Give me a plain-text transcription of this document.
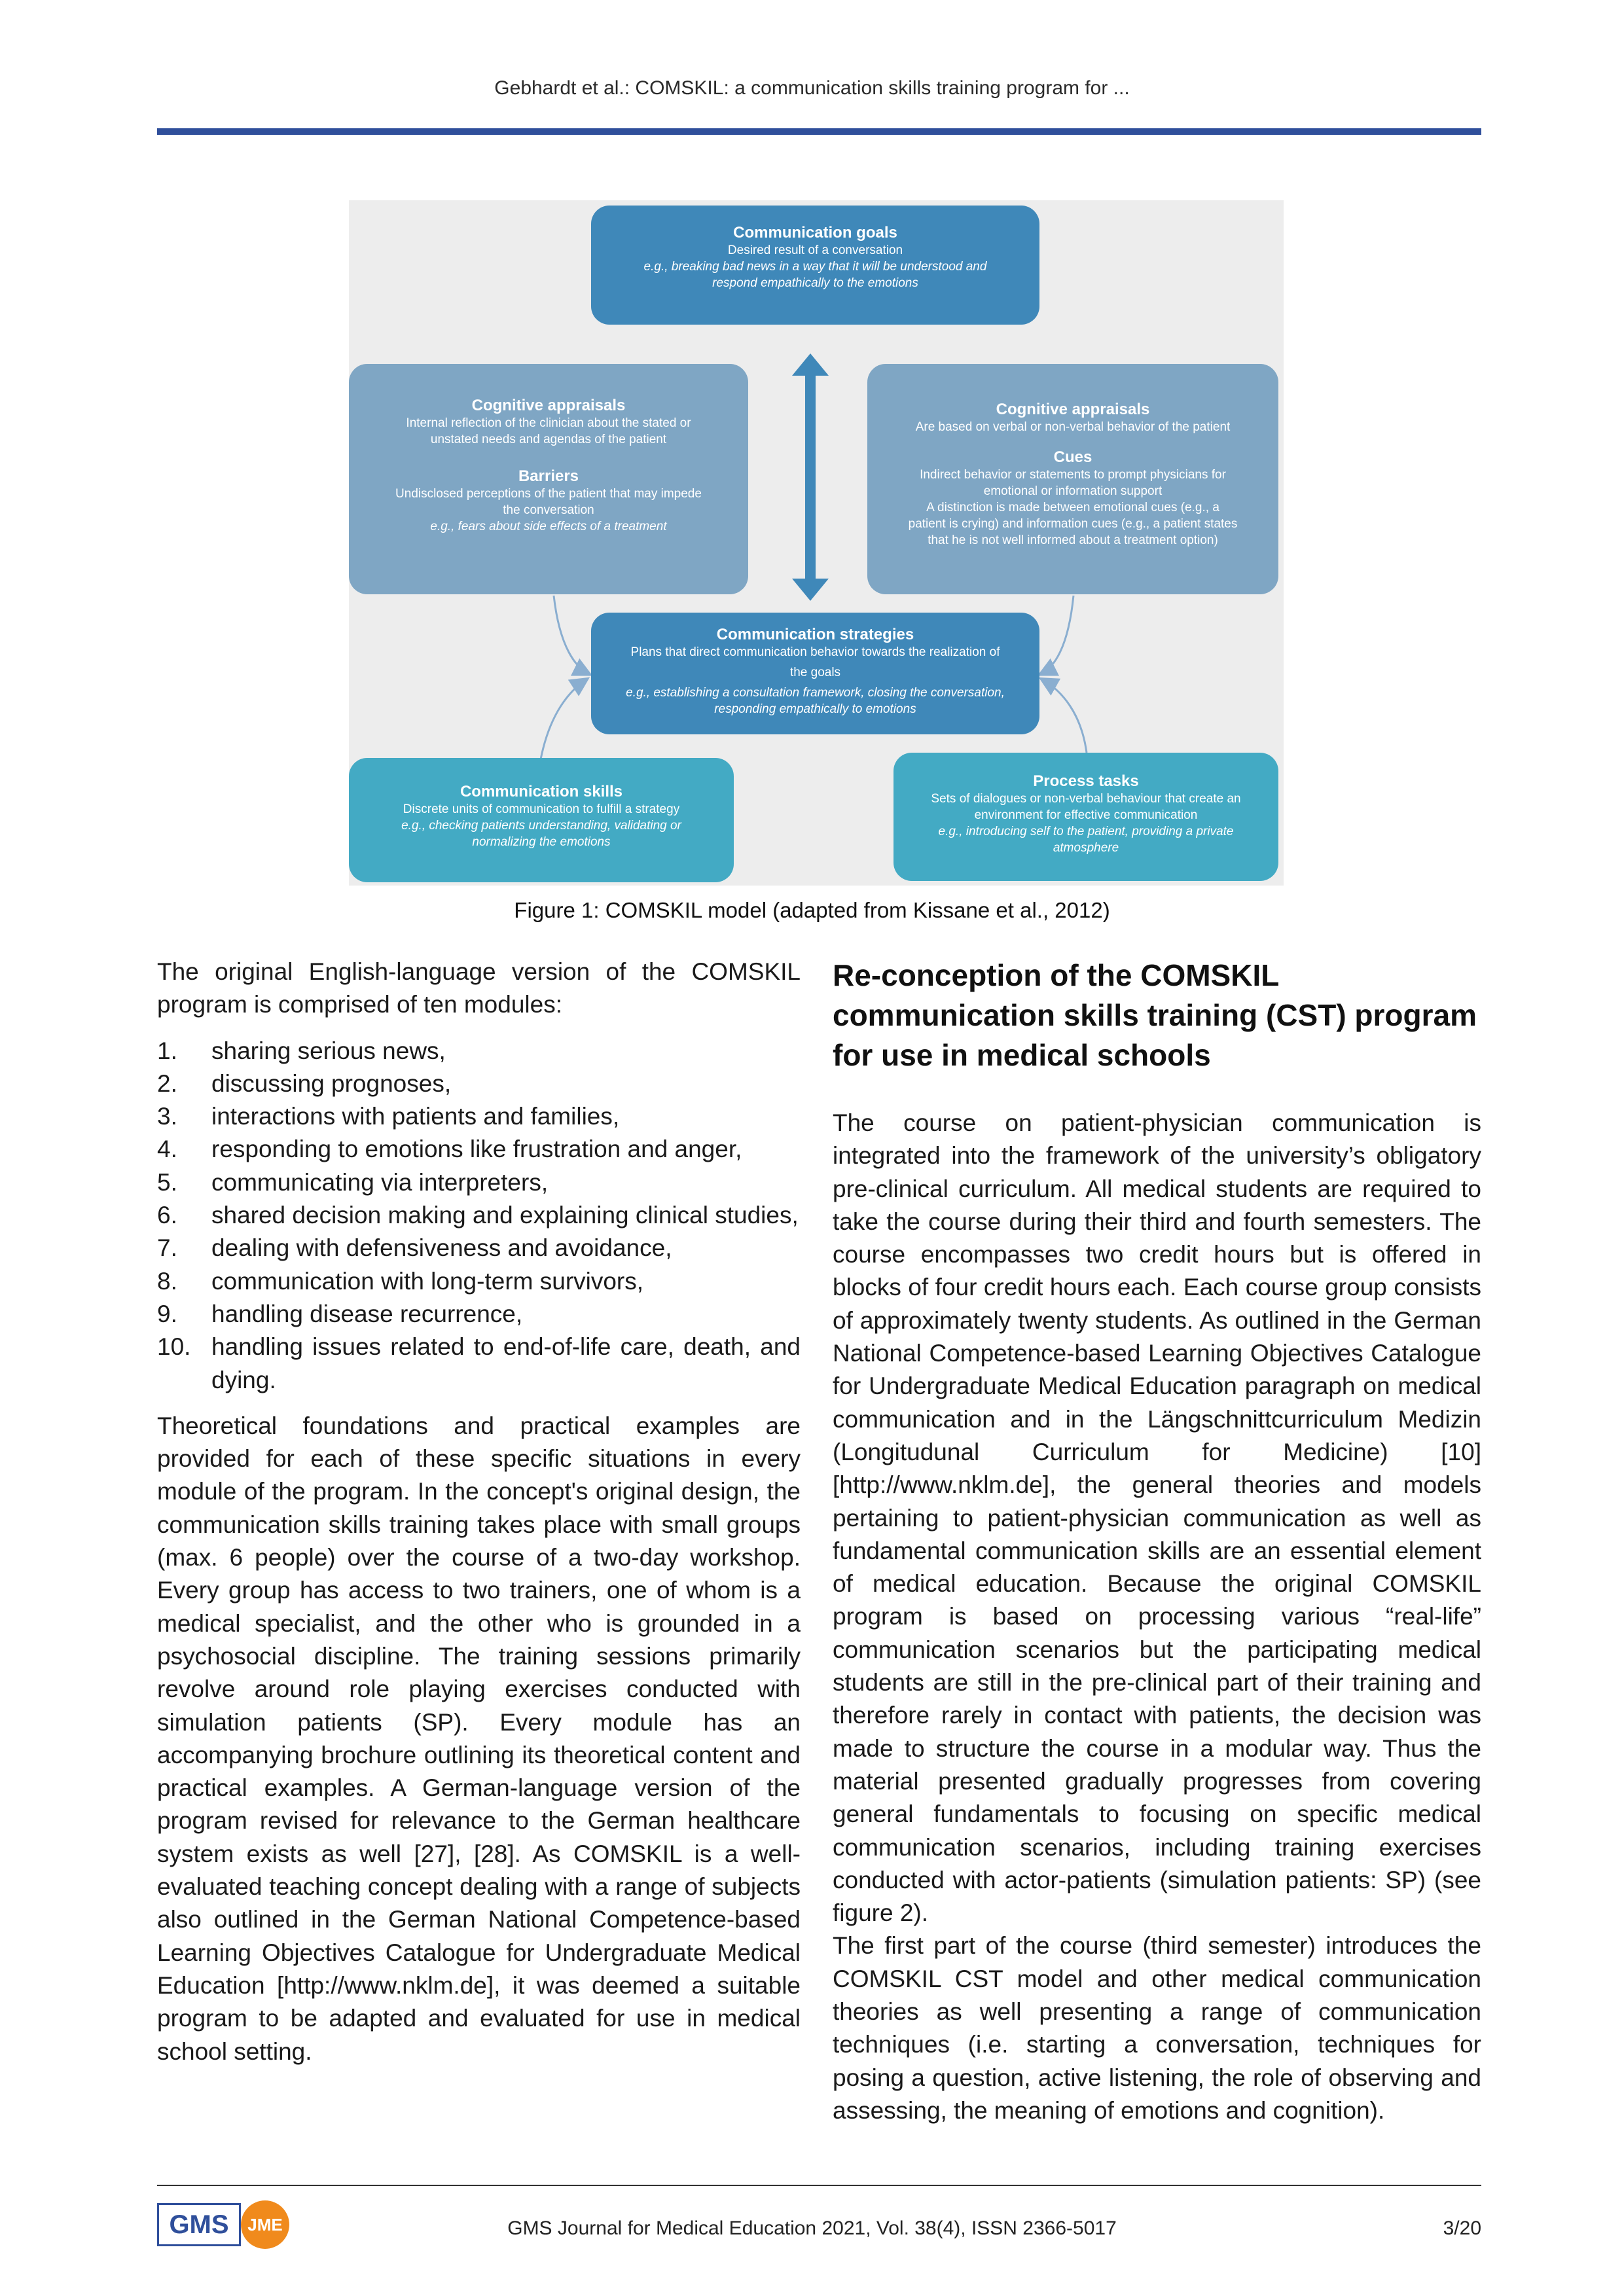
Gebhardt et al.: COMSKIL: a communication skills training program for ...
Communication goals
Desired result of a conversation
e.g., breaking bad news in a way that it will be understood and
respond empathically to the emotions
Cognitive appraisals
Internal reflection of the clinician about the stated or
unstated needs and agendas of the patient
Barriers
Undisclosed perceptions of the patient that may impede
the conversation
e.g., fears about side effects of a treatment
Cognitive appraisals
Are based on verbal or non-verbal behavior of the patient
Cues
Indirect behavior or statements to prompt physicians for
emotional or information support
A distinction is made between emotional cues (e.g., a
patient is crying) and information cues (e.g., a patient states
that he is not well informed about a treatment option)
Communication strategies
Plans that direct communication behavior towards the realization of
the goals
e.g., establishing a consultation framework, closing the conversation,
responding empathically to emotions
Communication skills
Discrete units of communication to fulfill a strategy
e.g., checking patients understanding, validating or
normalizing the emotions
Process tasks
Sets of dialogues or non-verbal behaviour that create an
environment for effective communication
e.g., introducing self to the patient, providing a private
atmosphere
Figure 1: COMSKIL model (adapted from Kissane et al., 2012)

The original English-language version of the COMSKIL program is comprised of ten modules:

1.	sharing serious news,
2.	discussing prognoses,
3.	interactions with patients and families,
4.	responding to emotions like frustration and anger,
5.	communicating via interpreters,
6.	shared decision making and explaining clinical studies,
7.	dealing with defensiveness and avoidance,
8.	communication with long-term survivors,
9.	handling disease recurrence,
10. handling issues related to end-of-life care, death, and dying.

Theoretical foundations and practical examples are provided for each of these specific situations in every module of the program. In the concept's original design, the communication skills training takes place with small groups (max. 6 people) over the course of a two-day workshop. Every group has access to two trainers, one of whom is a medical specialist, and the other who is grounded in a psychosocial discipline. The training sessions primarily revolve around role playing exercises conducted with simulation patients (SP). Every module has an accompanying brochure outlining its theoretical content and practical examples. A German-language version of the program revised for relevance to the German healthcare system exists as well [27], [28]. As COMSKIL is a well-evaluated teaching concept dealing with a range of subjects also outlined in the German National Competence-based Learning Objectives Catalogue for Undergraduate Medical Education [http://www.nklm.de], it was deemed a suitable program to be adapted and evaluated for use in medical school setting.

Re-conception of the COMSKIL communication skills training (CST) program for use in medical schools

The course on patient-physician communication is integrated into the framework of the university’s obligatory pre-clinical curriculum. All medical students are required to take the course during their third and fourth semesters. The course encompasses two credit hours but is offered in blocks of four credit hours each. Each course group consists of approximately twenty students. As outlined in the German National Competence-based Learning Objectives Catalogue for Undergraduate Medical Education paragraph on medical communication and in the Längschnittcurriculum Medizin (Longitudunal Curriculum for Medicine) [10] [http://www.nklm.de], the general theories and models pertaining to patient-physician communication as well as fundamental communication skills are an essential element of medical education. Because the original COMSKIL program is based on processing various “real-life” communication scenarios but the participating medical students are still in the pre-clinical part of their training and therefore rarely in contact with patients, the decision was made to structure the course in a modular way. Thus the material presented gradually progresses from covering general fundamentals to focusing on specific medical communication scenarios, including training exercises conducted with actor-patients (simulation patients: SP) (see figure 2).

The first part of the course (third semester) introduces the COMSKIL CST model and other medical communication theories as well presenting a range of communication techniques (i.e. starting a conversation, techniques for posing a question, active listening, the role of observing and assessing, the meaning of emotions and cognition).

GMS	JME	GMS Journal for Medical Education 2021, Vol. 38(4), ISSN 2366-5017	3/20
